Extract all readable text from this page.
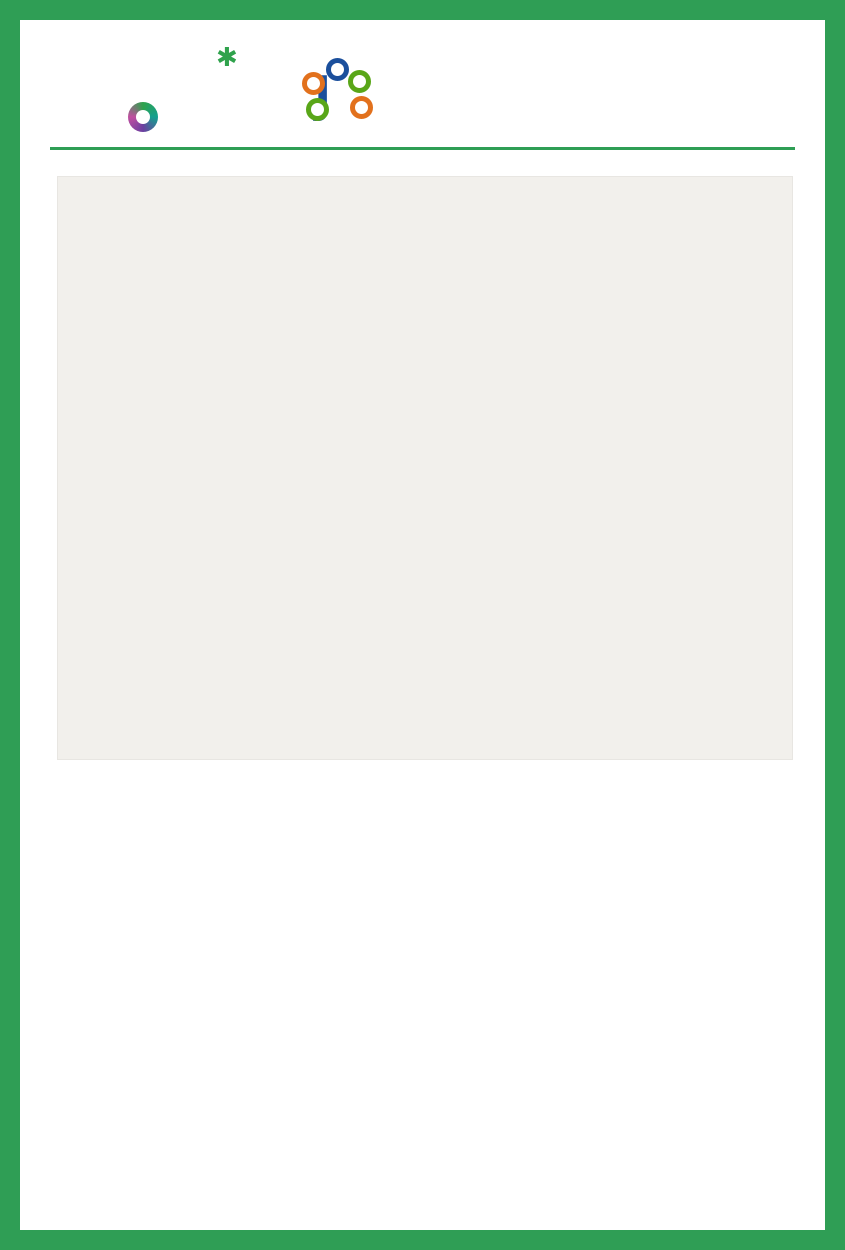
✱
ȷ
